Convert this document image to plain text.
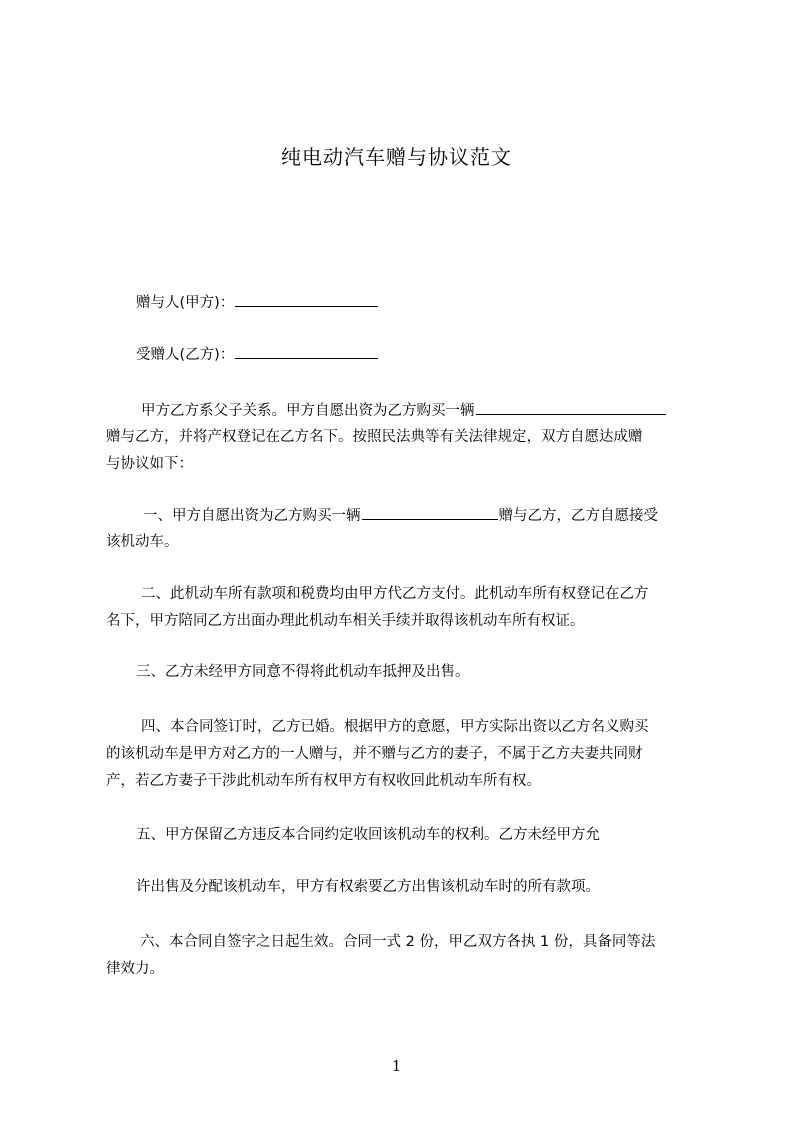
纯电动汽车赠与协议范文
赠与人(甲方)：
受赠人(乙方)：
甲方乙方系父子关系。甲方自愿出资为乙方购买一辆
赠与乙方，并将产权登记在乙方名下。按照民法典等有关法律规定，双方自愿达成赠
与协议如下：
一、甲方自愿出资为乙方购买一辆	赠与乙方，乙方自愿接受
该机动车。
二、此机动车所有款项和税费均由甲方代乙方支付。此机动车所有权登记在乙方
名下，甲方陪同乙方出面办理此机动车相关手续并取得该机动车所有权证。
三、乙方未经甲方同意不得将此机动车抵押及出售。
四、本合同签订时，乙方已婚。根据甲方的意愿，甲方实际出资以乙方名义购买
的该机动车是甲方对乙方的一人赠与，并不赠与乙方的妻子，不属于乙方夫妻共同财
产，若乙方妻子干涉此机动车所有权甲方有权收回此机动车所有权。
五、甲方保留乙方违反本合同约定收回该机动车的权利。乙方未经甲方允
许出售及分配该机动车，甲方有权索要乙方出售该机动车时的所有款项。
六、本合同自签字之日起生效。合同一式 2 份，甲乙双方各执 1 份，具备同等法
律效力。
1
